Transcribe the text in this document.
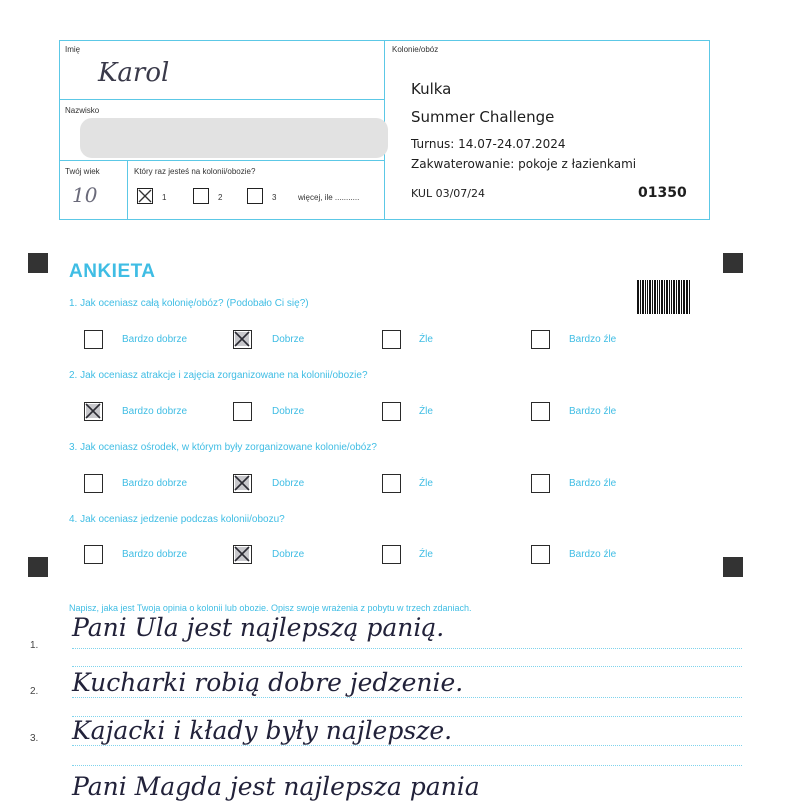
Imię
Karol
Nazwisko
Twój wiek
10
Który raz jesteś na kolonii/obozie?
1	2	3	więcej, ile ...........
Kolonie/obóz
Kulka
Summer Challenge
Turnus: 14.07-24.07.2024
Zakwaterowanie: pokoje z łazienkami
KUL 03/07/24	01350
ANKIETA
1. Jak oceniasz całą kolonię/obóz? (Podobało Ci się?)
Bardzo dobrze	Dobrze	Źle	Bardzo źle
2. Jak oceniasz atrakcje i zajęcia zorganizowane na kolonii/obozie?
Bardzo dobrze	Dobrze	Źle	Bardzo źle
3. Jak oceniasz ośrodek, w którym były zorganizowane kolonie/obóz?
Bardzo dobrze	Dobrze	Źle	Bardzo źle
4. Jak oceniasz jedzenie podczas kolonii/obozu?
Bardzo dobrze	Dobrze	Źle	Bardzo źle
Napisz, jaka jest Twoja opinia o kolonii lub obozie. Opisz swoje wrażenia z pobytu w trzech zdaniach.
1.
Pani Ula jest najlepszą panią.
2. Kucharki robią dobre jedzenie.
3. Kajacki i kłady były najlepsze.
Pani Magda jest najlepsza pania
